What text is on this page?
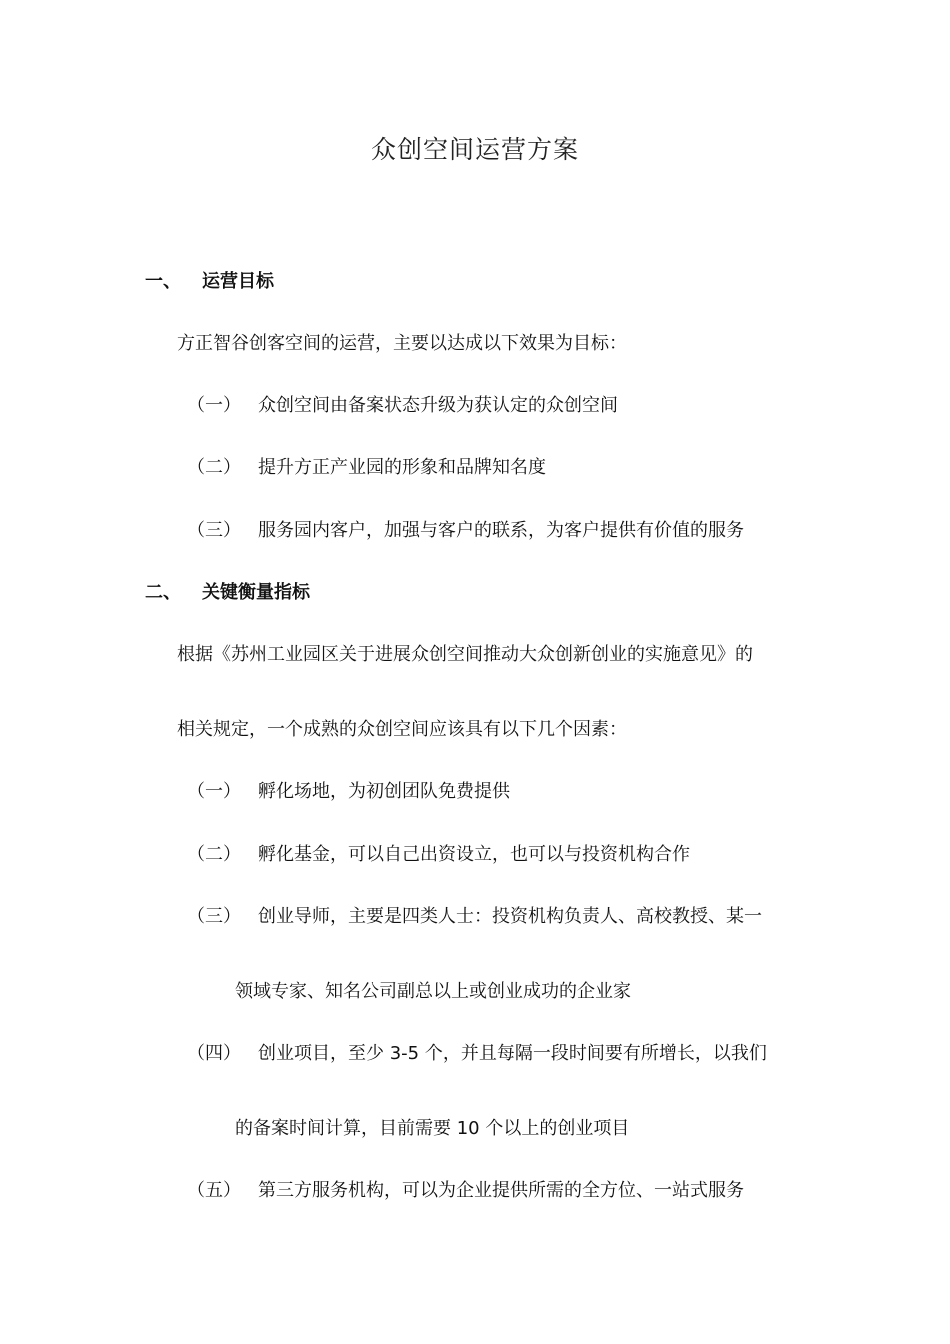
众创空间运营方案
一、 运营目标
方正智谷创客空间的运营，主要以达成以下效果为目标：
（一） 众创空间由备案状态升级为获认定的众创空间
（二） 提升方正产业园的形象和品牌知名度
（三） 服务园内客户，加强与客户的联系，为客户提供有价值的服务
二、 关键衡量指标
根据《苏州工业园区关于进展众创空间推动大众创新创业的实施意见》的
相关规定，一个成熟的众创空间应该具有以下几个因素：
（一） 孵化场地，为初创团队免费提供
（二） 孵化基金，可以自己出资设立，也可以与投资机构合作
（三） 创业导师，主要是四类人士：投资机构负责人、高校教授、某一
领域专家、知名公司副总以上或创业成功的企业家
（四） 创业项目，至少 3-5 个，并且每隔一段时间要有所增长，以我们
的备案时间计算，目前需要 10 个以上的创业项目
（五） 第三方服务机构，可以为企业提供所需的全方位、一站式服务
